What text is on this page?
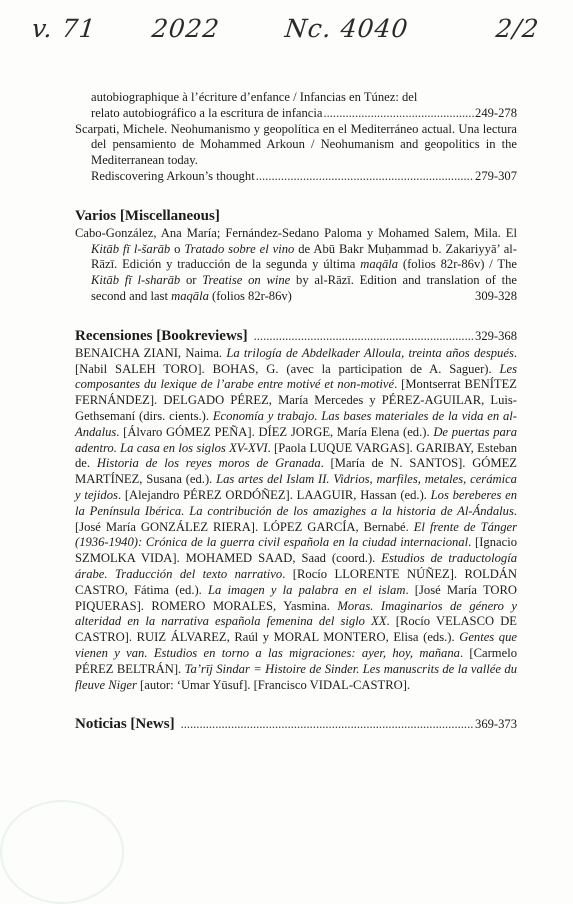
v. 71 2022 Nc. 4040	2/2
autobiographique à l’écriture d’enfance / Infancias en Túnez: del
relato autobiográfico a la escritura de infancia .....	249-278
Scarpati, Michele. Neohumanismo y geopolítica en el Mediterráneo actual. Una lectura del pensamiento de Mohammed Arkoun / Neohumanism and geopolitics in the Mediterranean today.
Rediscovering Arkoun’s thought .....	279-307
Varios [Miscellaneous]
Cabo-González, Ana María; Fernández-Sedano Paloma y Mohamed Salem, Mila. El Kitāb fī l-šarāb o Tratado sobre el vino de Abū Bakr Muḥammad b. Zakariyyā’ al-Rāzī. Edición y traducción de la segunda y última maqāla (folios 82r-86v) / The Kitāb fī l-sharāb or Treatise on wine by al-Rāzī. Edition and translation of the second and last maqāla (folios 82r-86v)	309-328
Recensiones [Bookreviews] .....	329-368
BENAICHA ZIANI, Naima. La trilogía de Abdelkader Alloula, treinta años después. [Nabil SALEH TORO]. BOHAS, G. (avec la participation de A. Saguer). Les composantes du lexique de l’arabe entre motivé et non-motivé. [Montserrat BENÍTEZ FERNÁNDEZ]. DELGADO PÉREZ, María Mercedes y PÉREZ-AGUILAR, Luis-Gethsemaní (dirs. cients.). Economía y trabajo. Las bases materiales de la vida en al-Andalus. [Álvaro GÓMEZ PEÑA]. DÍEZ JORGE, María Elena (ed.). De puertas para adentro. La casa en los siglos XV-XVI. [Paola LUQUE VARGAS]. GARIBAY, Esteban de. Historia de los reyes moros de Granada. [María de N. SANTOS]. GÓMEZ MARTÍNEZ, Susana (ed.). Las artes del Islam II. Vidrios, marfiles, metales, cerámica y tejidos. [Alejandro PÉREZ ORDÓÑEZ]. LAAGUIR, Hassan (ed.). Los bereberes en la Península Ibérica. La contribución de los amazighes a la historia de Al-Ándalus. [José María GONZÁLEZ RIERA]. LÓPEZ GARCÍA, Bernabé. El frente de Tánger (1936-1940): Crónica de la guerra civil española en la ciudad internacional. [Ignacio SZMOLKA VIDA]. MOHAMED SAAD, Saad (coord.). Estudios de traductología árabe. Traducción del texto narrativo. [Rocío LLORENTE NÚÑEZ]. ROLDÁN CASTRO, Fátima (ed.). La imagen y la palabra en el islam. [José María TORO PIQUERAS]. ROMERO MORALES, Yasmina. Moras. Imaginarios de género y alteridad en la narrativa española femenina del siglo XX. [Rocío VELASCO DE CASTRO]. RUIZ ÁLVAREZ, Raúl y MORAL MONTERO, Elisa (eds.). Gentes que vienen y van. Estudios en torno a las migraciones: ayer, hoy, mañana. [Carmelo PÉREZ BELTRÁN]. Ta’rīj Sindar = Histoire de Sinder. Les manuscrits de la vallée du fleuve Niger [autor: ‘Umar Yūsuf]. [Francisco VIDAL-CASTRO].
Noticias [News] .....	369-373
